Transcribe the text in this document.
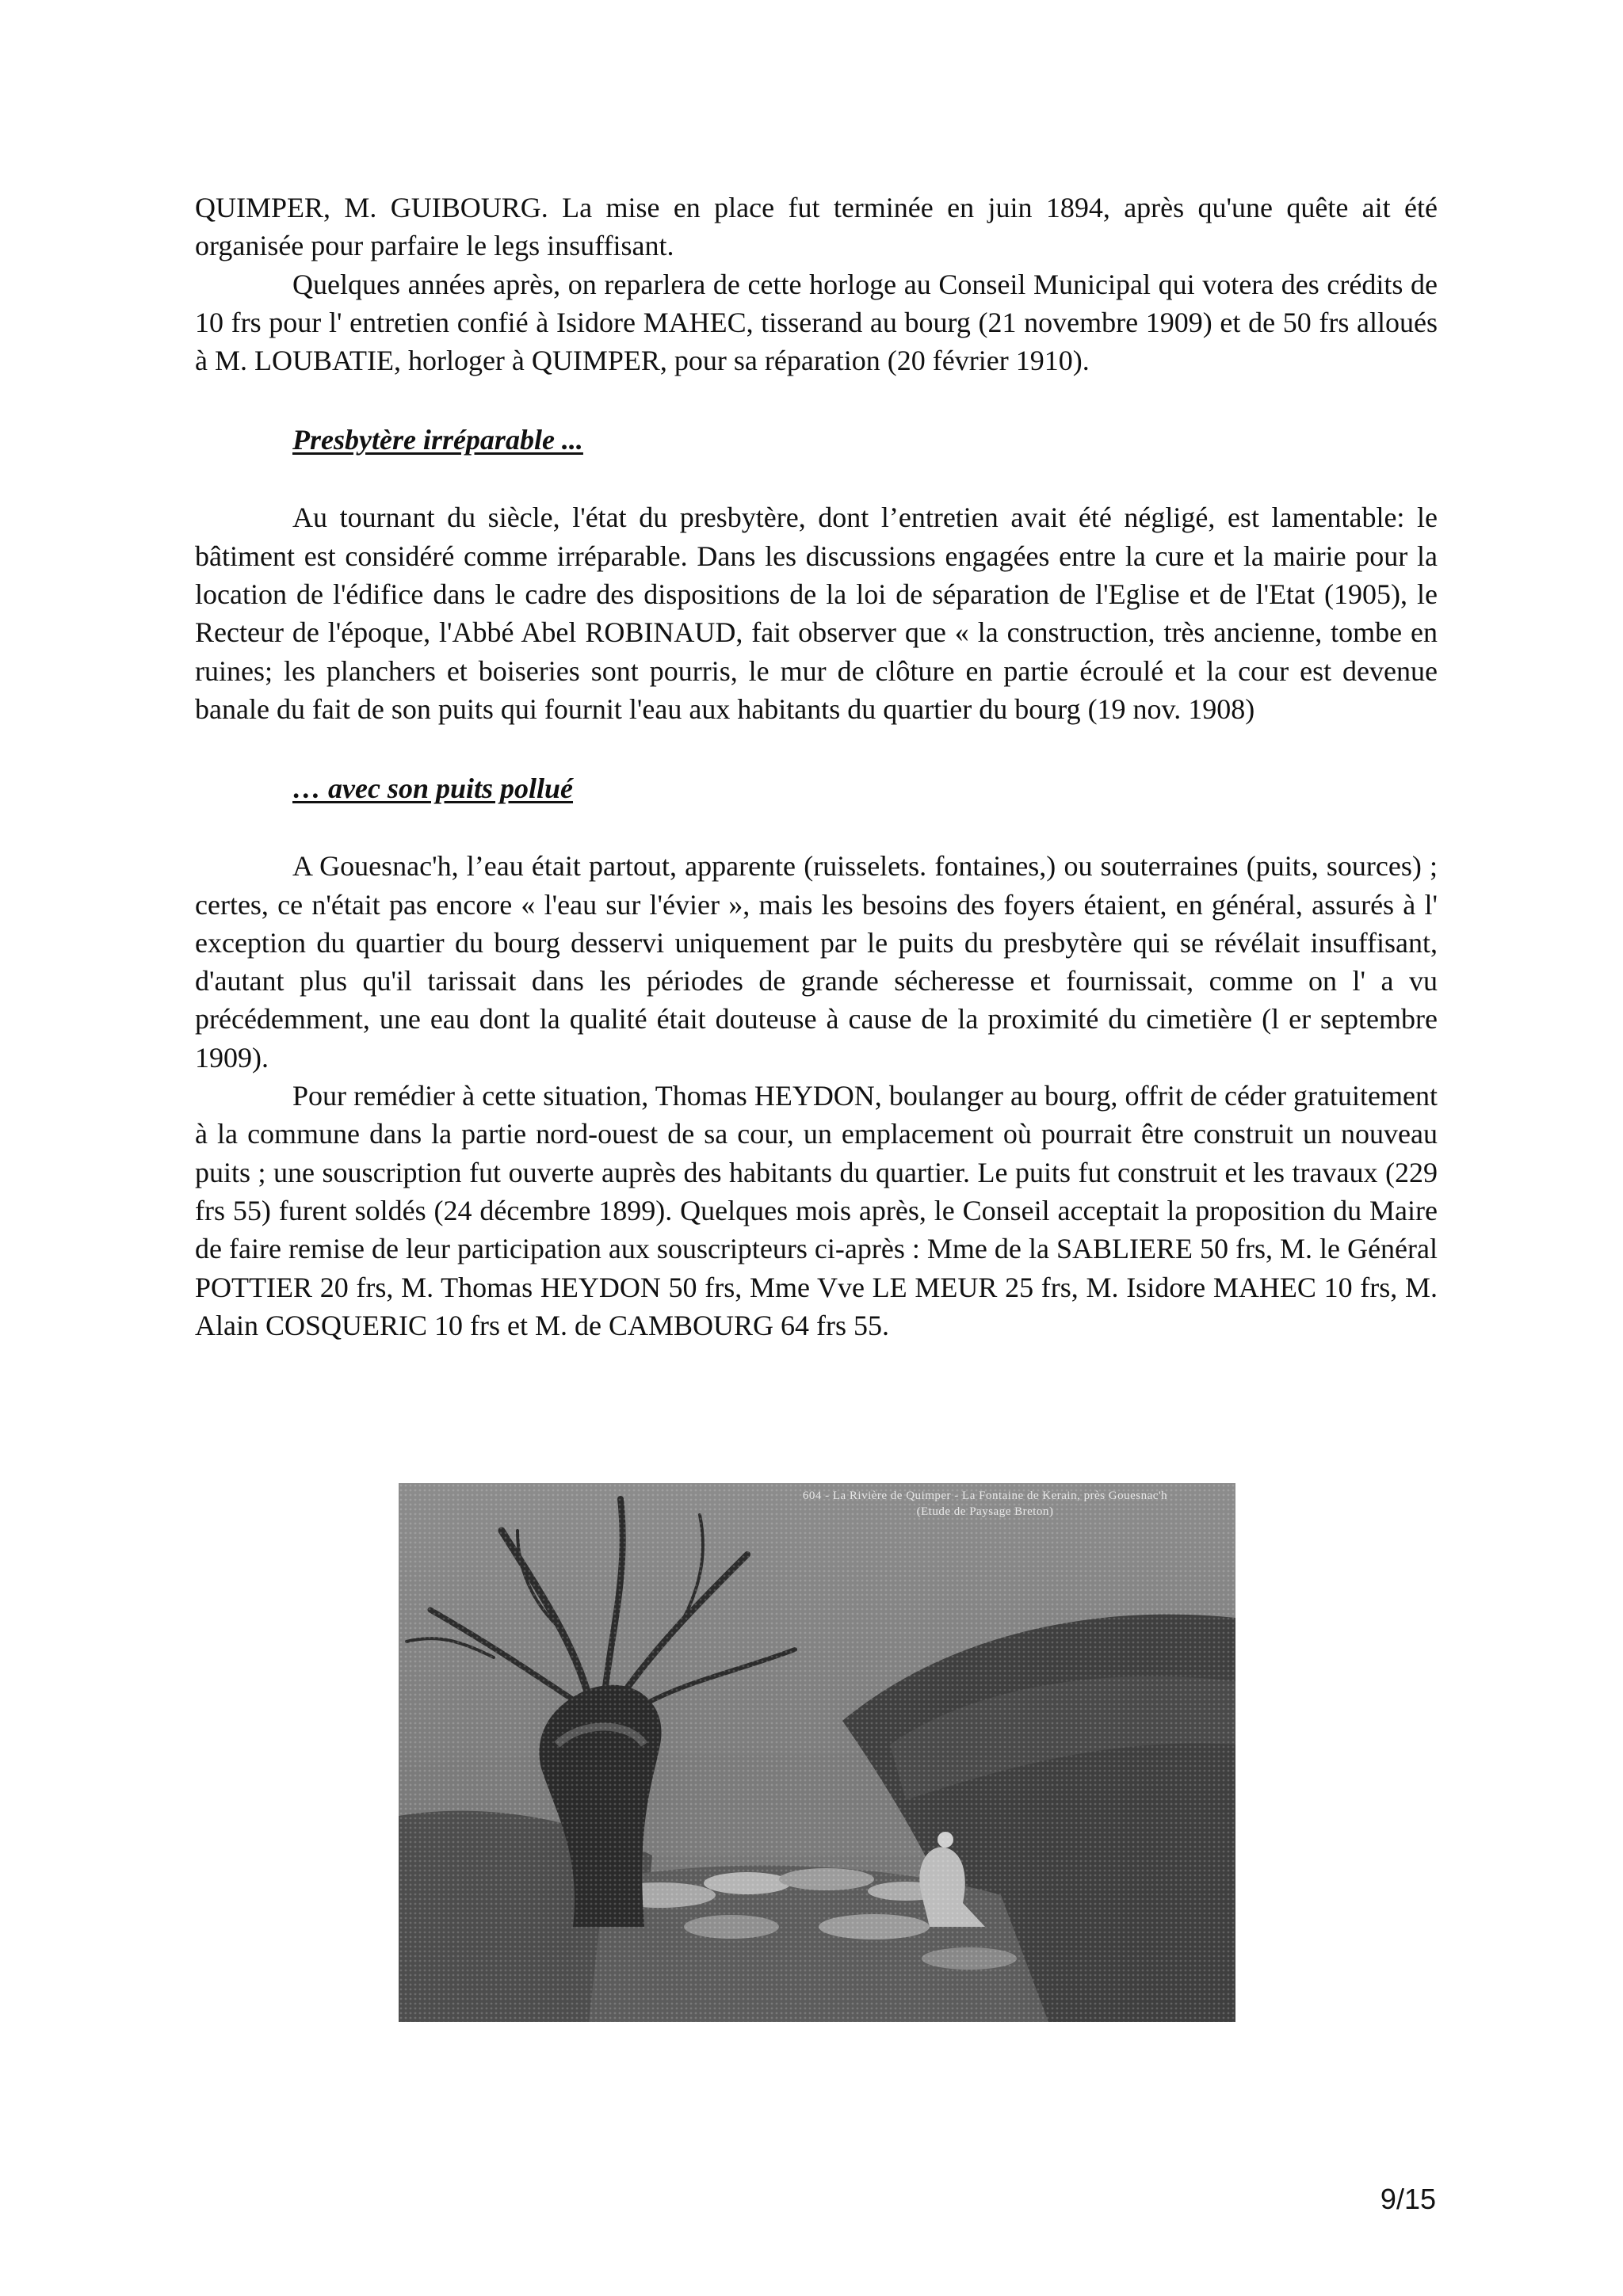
QUIMPER, M. GUIBOURG. La mise en place fut terminée en juin 1894, après qu'une quête ait été organisée pour parfaire le legs insuffisant.

Quelques années après, on reparlera de cette horloge au Conseil Municipal qui votera des crédits de 10 frs pour l' entretien confié à Isidore MAHEC, tisserand au bourg (21 novembre 1909) et de 50 frs alloués à M. LOUBATIE, horloger à QUIMPER, pour sa réparation (20 février 1910).

Presbytère irréparable ...

Au tournant du siècle, l'état du presbytère, dont l’entretien avait été négligé, est lamentable: le bâtiment est considéré comme irréparable. Dans les discussions engagées entre la cure et la mairie pour la location de l'édifice dans le cadre des dispositions de la loi de séparation de l'Eglise et de l'Etat (1905), le Recteur de l'époque, l'Abbé Abel ROBINAUD, fait observer que « la construction, très ancienne, tombe en ruines; les planchers et boiseries sont pourris, le mur de clôture en partie écroulé et la cour est devenue banale du fait de son puits qui fournit l'eau aux habitants du quartier du bourg (19 nov. 1908)

… avec son puits pollué

A Gouesnac'h, l’eau était partout, apparente (ruisselets. fontaines,) ou souterraines (puits, sources) ; certes, ce n'était pas encore « l'eau sur l'évier », mais les besoins des foyers étaient, en général, assurés à l' exception du quartier du bourg desservi uniquement par le puits du presbytère qui se révélait insuffisant, d'autant plus qu'il tarissait dans les périodes de grande sécheresse et fournissait, comme on l' a vu précédemment, une eau dont la qualité était douteuse à cause de la proximité du cimetière (l er septembre 1909).

Pour remédier à cette situation, Thomas HEYDON, boulanger au bourg, offrit de céder gratuitement à la commune dans la partie nord-ouest de sa cour, un emplacement où pourrait être construit un nouveau puits ; une souscription fut ouverte auprès des habitants du quartier. Le puits fut construit et les travaux (229 frs 55) furent soldés (24 décembre 1899). Quelques mois après, le Conseil acceptait la proposition du Maire de faire remise de leur participation aux souscripteurs ci-après : Mme de la SABLIERE 50 frs, M. le Général POTTIER 20 frs, M. Thomas HEYDON 50 frs, Mme Vve LE MEUR 25 frs, M. Isidore MAHEC 10 frs, M. Alain COSQUERIC 10 frs et M. de CAMBOURG 64 frs 55.

604 - La Rivière de Quimper - La Fontaine de Kerain, près Gouesnac'h
(Etude de Paysage Breton)
9/15
